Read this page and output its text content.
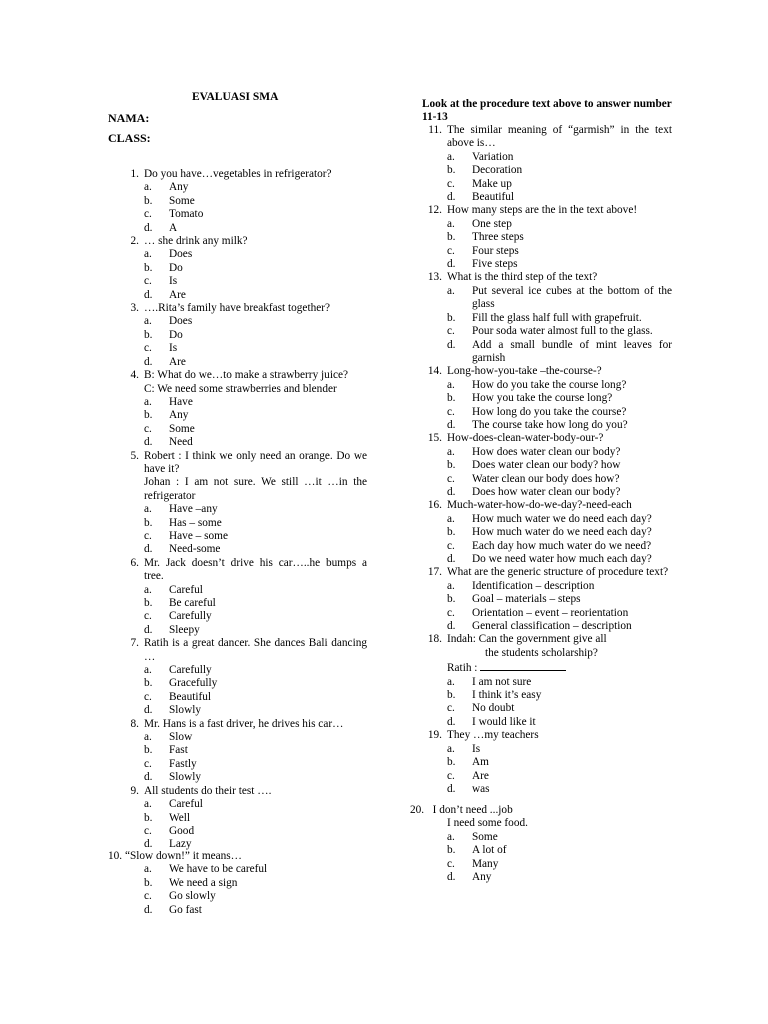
EVALUASI SMA
NAMA:
CLASS:
Look at the procedure text above to answer number 11-13
1. Do you have…vegetables in refrigerator?
a.	Any
b.	Some
c.	Tomato
d.	A
2. … she drink any milk?
a.	Does
b.	Do
c.	Is
d.	Are
3. ….Rita’s family have breakfast together?
a.	Does
b.	Do
c.	Is
d.	Are
4. B: What do we…to make a strawberry juice?
C: We need some strawberries and blender
a.	Have
b.	Any
c.	Some
d.	Need
5. Robert : I think we only need an orange. Do we have it?
Johan : I am not sure. We still …it …in the refrigerator
a.	Have –any
b.	Has – some
c.	Have – some
d.	Need-some
6. Mr. Jack doesn’t drive his car…..he bumps a tree.
a.	Careful
b.	Be careful
c.	Carefully
d.	Sleepy
7. Ratih is a great dancer. She dances Bali dancing …
a.	Carefully
b.	Gracefully
c.	Beautiful
d.	Slowly
8. Mr. Hans is a fast driver, he drives his car…
a.	Slow
b.	Fast
c.	Fastly
d.	Slowly
9. All students do their test ….
a.	Careful
b.	Well
c.	Good
d.	Lazy
10. “Slow down!” it means…
a.	We have to be careful
b.	We need a sign
c.	Go slowly
d.	Go fast
11. The similar meaning of “garmish” in the text above is…
a.	Variation
b.	Decoration
c.	Make up
d.	Beautiful
12. How many steps are the in the text above!
a.	One step
b.	Three steps
c.	Four steps
d.	Five steps
13. What is the third step of the text?
a.	Put several ice cubes at the bottom of the glass
b.	Fill the glass half full with grapefruit.
c.	Pour soda water almost full to the glass.
d.	Add a small bundle of mint leaves for garnish
14. Long-how-you-take –the-course-?
a.	How do you take the course long?
b.	How you take the course long?
c.	How long do you take the course?
d.	The course take how long do you?
15. How-does-clean-water-body-our-?
a.	How does water clean our body?
b.	Does water clean our body? how
c.	Water clean our body does how?
d.	Does how water clean our body?
16. Much-water-how-do-we-day?-need-each
a.	How much water we do need each day?
b.	How much water do we need each day?
c.	Each day how much water do we need?
d.	Do we need water how much each day?
17. What are the generic structure of procedure text?
a.	Identification – description
b.	Goal – materials – steps
c.	Orientation – event – reorientation
d.	General classification – description
18. Indah: Can the government give all
the students scholarship?
Ratih :
a.	I am not sure
b.	I think it’s easy
c.	No doubt
d.	I would like it
19. They …my teachers
a.	Is
b.	Am
c.	Are
d.	was
20. I don’t need ...job
I need some food.
a.	Some
b.	A lot of
c.	Many
d.	Any
